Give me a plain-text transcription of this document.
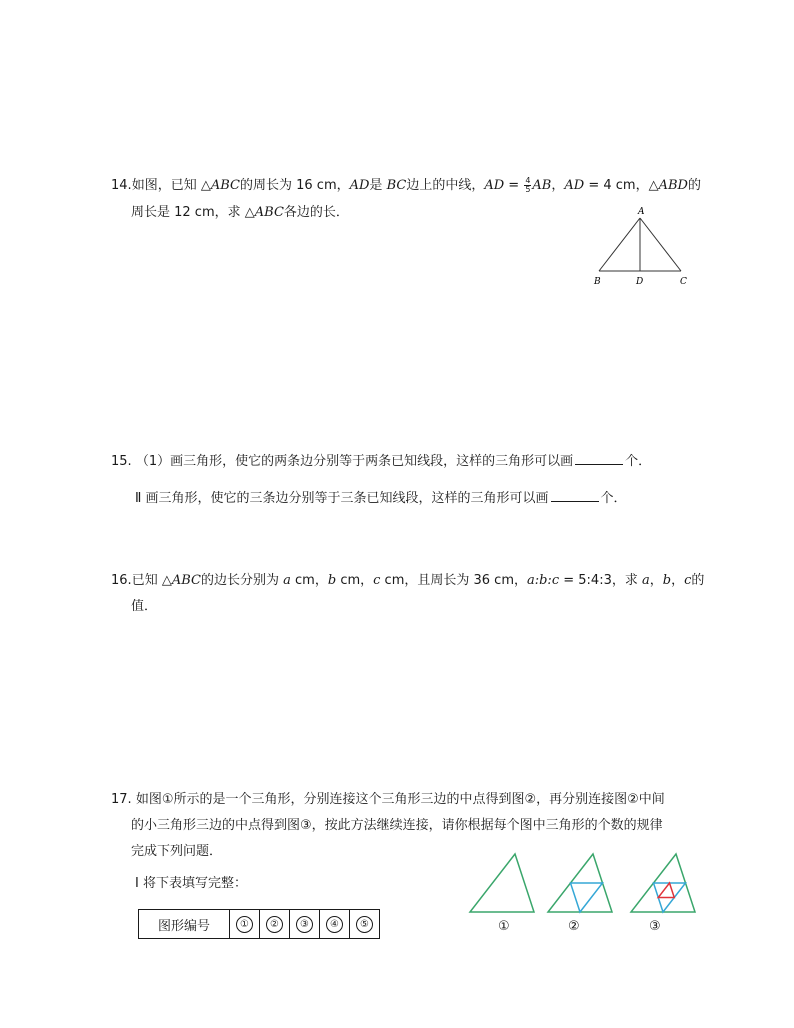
14.如图，已知 △ABC的周长为 16 cm，AD是 BC边上的中线，AD = $\frac{4}{5}$ AB，AD = 4 cm，△ABD的
周长是 12 cm，求 △ABC各边的长．	A
B	D	C
15. （1）画三角形，使它的两条边分别等于两条已知线段，这样的三角形可以画	个．
Ⅱ 画三角形，使它的三条边分别等于三条已知线段，这样的三角形可以画	个．
16.已知 △ABC的边长分别为 a cm，b cm，c cm，且周长为 36 cm，a:b:c = 5:4:3，求 a，b，c的
值．
17. 如图①所示的是一个三角形，分别连接这个三角形三边的中点得到图②，再分别连接图②中间
的小三角形三边的中点得到图③，按此方法继续连接，请你根据每个图中三角形的个数的规律
完成下列问题．
Ⅰ 将下表填写完整：
图形编号	①	②	③	④	⑤	①	②	③
